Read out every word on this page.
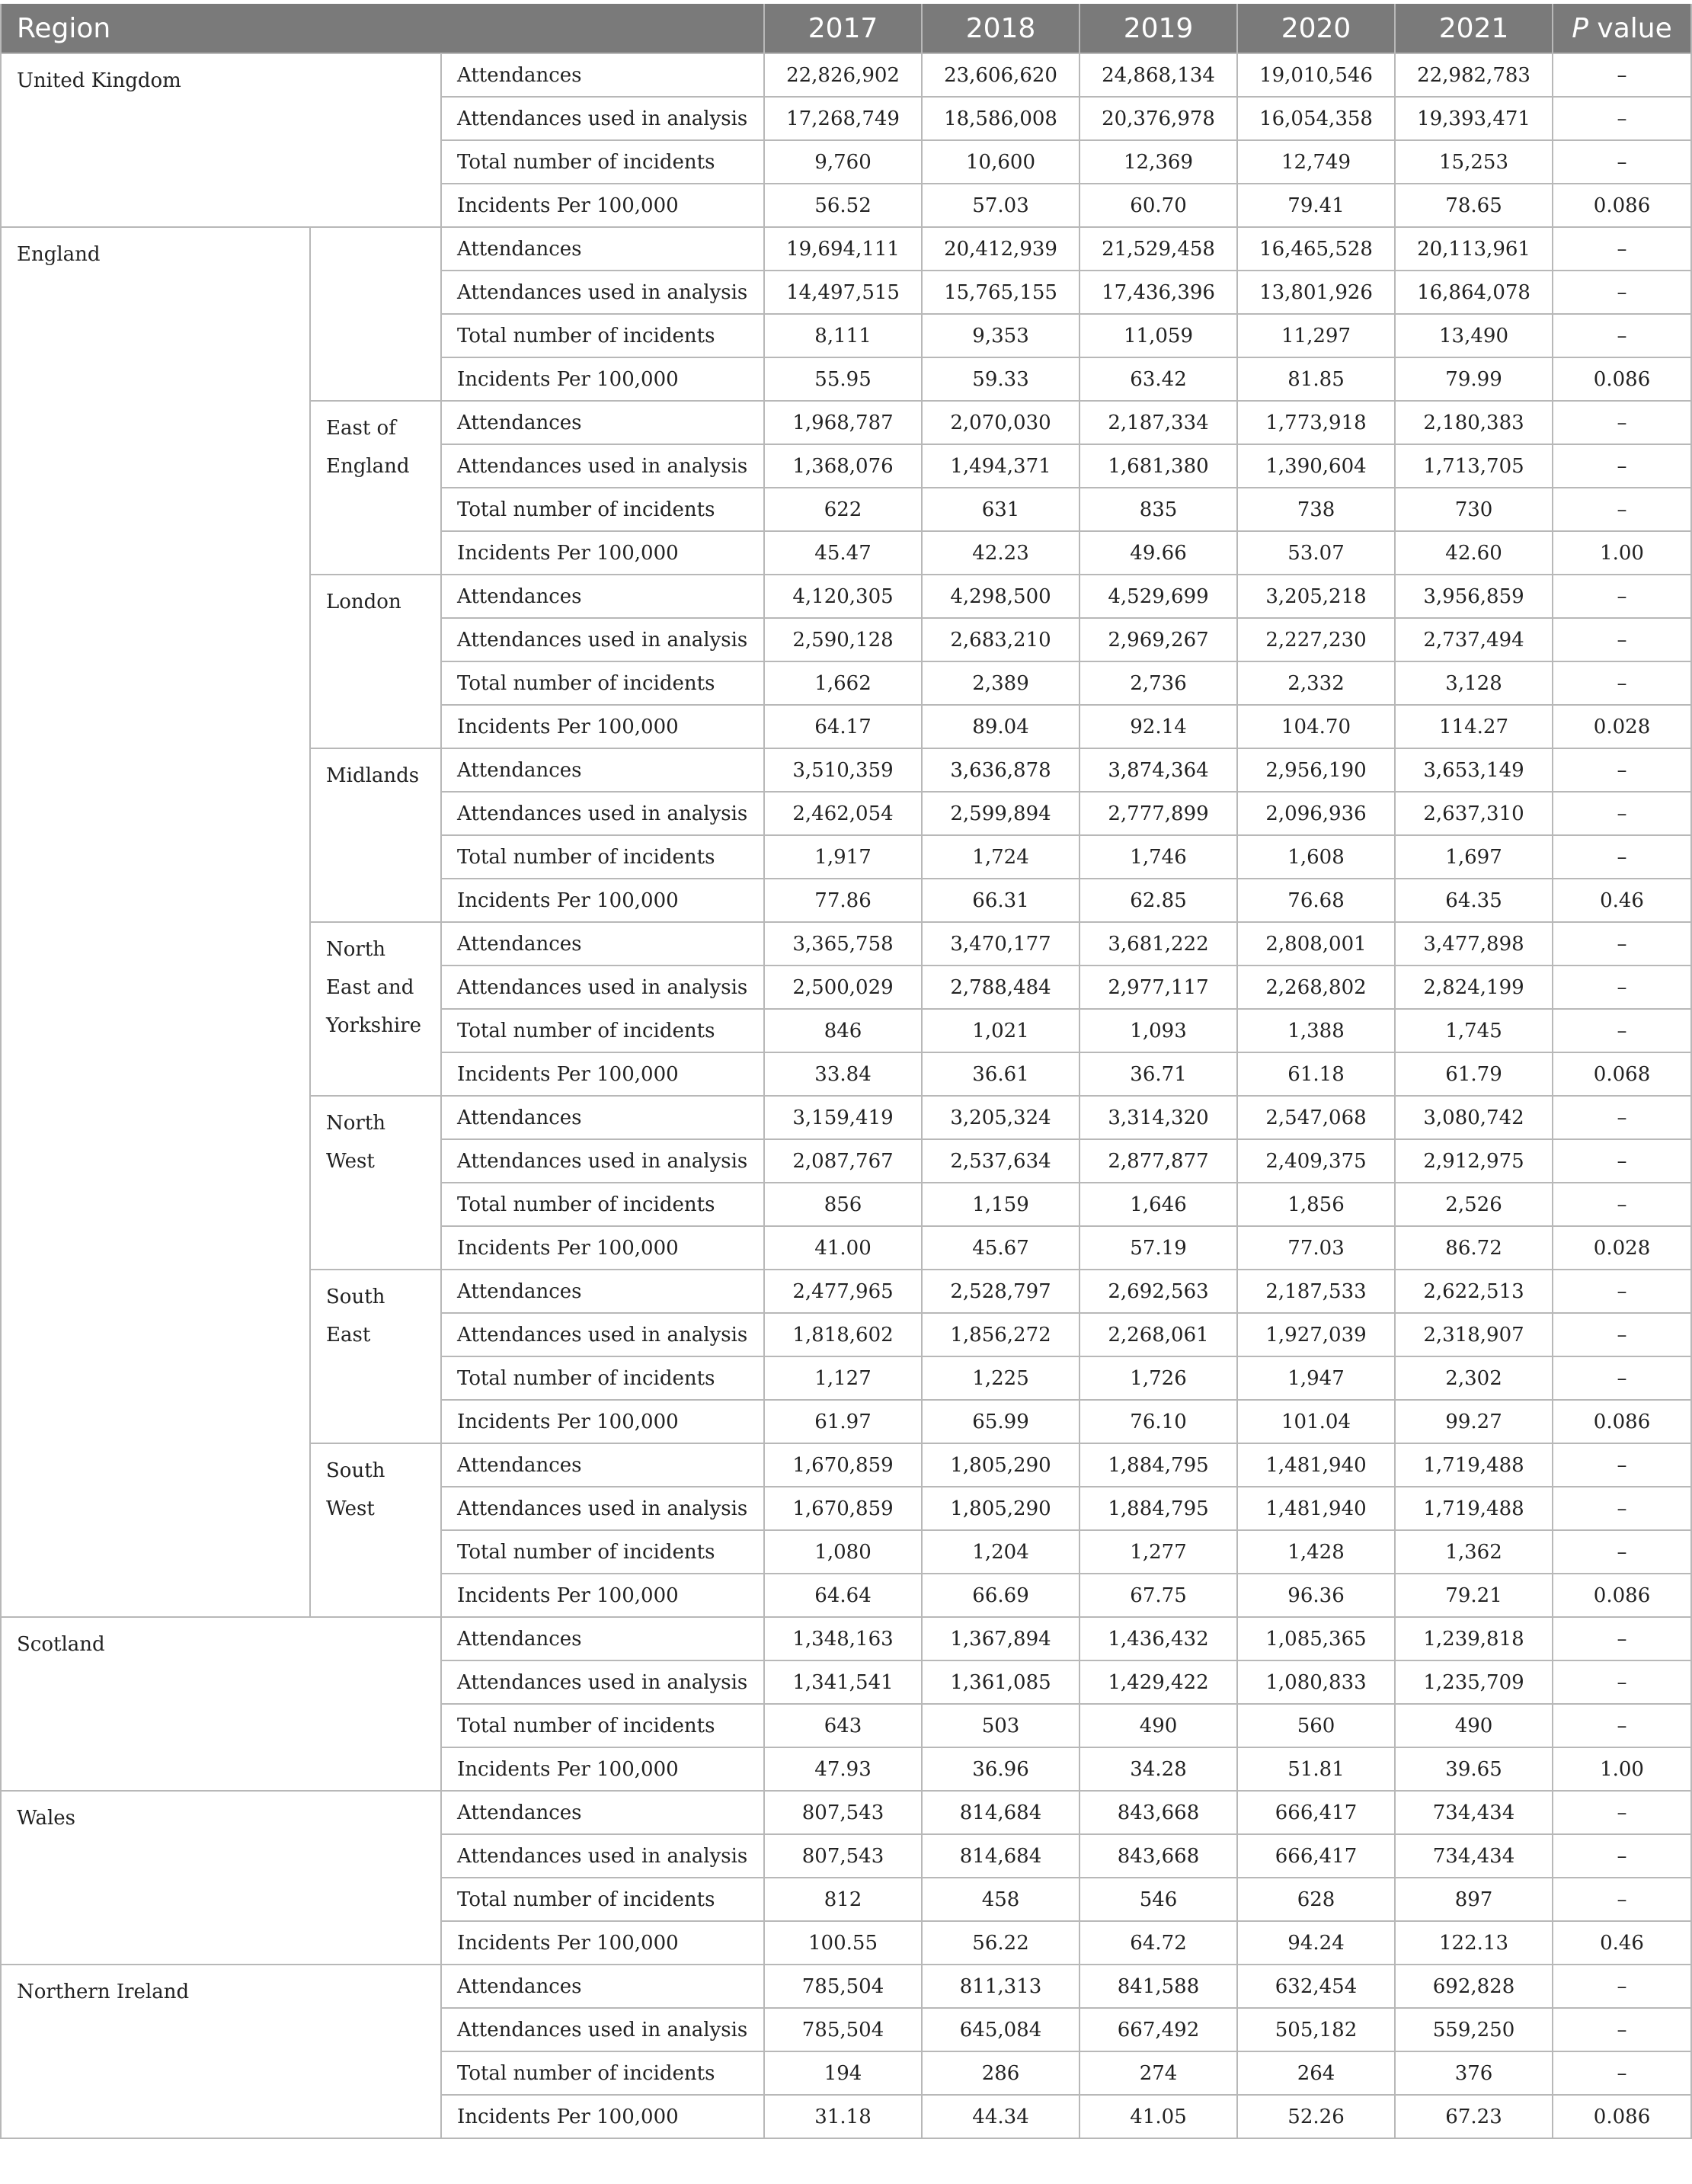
Region			2017	2018	2019	2020	2021	P value
United Kingdom		Attendances	22,826,902	23,606,620	24,868,134	19,010,546	22,982,783	–
		Attendances used in analysis	17,268,749	18,586,008	20,376,978	16,054,358	19,393,471	–
		Total number of incidents	9,760	10,600	12,369	12,749	15,253	–
		Incidents Per 100,000	56.52	57.03	60.70	79.41	78.65	0.086
England		Attendances	19,694,111	20,412,939	21,529,458	16,465,528	20,113,961	–
		Attendances used in analysis	14,497,515	15,765,155	17,436,396	13,801,926	16,864,078	–
		Total number of incidents	8,111	9,353	11,059	11,297	13,490	–
		Incidents Per 100,000	55.95	59.33	63.42	81.85	79.99	0.086
	East of England	Attendances	1,968,787	2,070,030	2,187,334	1,773,918	2,180,383	–
		Attendances used in analysis	1,368,076	1,494,371	1,681,380	1,390,604	1,713,705	–
		Total number of incidents	622	631	835	738	730	–
		Incidents Per 100,000	45.47	42.23	49.66	53.07	42.60	1.00
	London	Attendances	4,120,305	4,298,500	4,529,699	3,205,218	3,956,859	–
		Attendances used in analysis	2,590,128	2,683,210	2,969,267	2,227,230	2,737,494	–
		Total number of incidents	1,662	2,389	2,736	2,332	3,128	–
		Incidents Per 100,000	64.17	89.04	92.14	104.70	114.27	0.028
	Midlands	Attendances	3,510,359	3,636,878	3,874,364	2,956,190	3,653,149	–
		Attendances used in analysis	2,462,054	2,599,894	2,777,899	2,096,936	2,637,310	–
		Total number of incidents	1,917	1,724	1,746	1,608	1,697	–
		Incidents Per 100,000	77.86	66.31	62.85	76.68	64.35	0.46
	North East and Yorkshire	Attendances	3,365,758	3,470,177	3,681,222	2,808,001	3,477,898	–
		Attendances used in analysis	2,500,029	2,788,484	2,977,117	2,268,802	2,824,199	–
		Total number of incidents	846	1,021	1,093	1,388	1,745	–
		Incidents Per 100,000	33.84	36.61	36.71	61.18	61.79	0.068
	North West	Attendances	3,159,419	3,205,324	3,314,320	2,547,068	3,080,742	–
		Attendances used in analysis	2,087,767	2,537,634	2,877,877	2,409,375	2,912,975	–
		Total number of incidents	856	1,159	1,646	1,856	2,526	–
		Incidents Per 100,000	41.00	45.67	57.19	77.03	86.72	0.028
	South East	Attendances	2,477,965	2,528,797	2,692,563	2,187,533	2,622,513	–
		Attendances used in analysis	1,818,602	1,856,272	2,268,061	1,927,039	2,318,907	–
		Total number of incidents	1,127	1,225	1,726	1,947	2,302	–
		Incidents Per 100,000	61.97	65.99	76.10	101.04	99.27	0.086
	South West	Attendances	1,670,859	1,805,290	1,884,795	1,481,940	1,719,488	–
		Attendances used in analysis	1,670,859	1,805,290	1,884,795	1,481,940	1,719,488	–
		Total number of incidents	1,080	1,204	1,277	1,428	1,362	–
		Incidents Per 100,000	64.64	66.69	67.75	96.36	79.21	0.086
Scotland		Attendances	1,348,163	1,367,894	1,436,432	1,085,365	1,239,818	–
		Attendances used in analysis	1,341,541	1,361,085	1,429,422	1,080,833	1,235,709	–
		Total number of incidents	643	503	490	560	490	–
		Incidents Per 100,000	47.93	36.96	34.28	51.81	39.65	1.00
Wales		Attendances	807,543	814,684	843,668	666,417	734,434	–
		Attendances used in analysis	807,543	814,684	843,668	666,417	734,434	–
		Total number of incidents	812	458	546	628	897	–
		Incidents Per 100,000	100.55	56.22	64.72	94.24	122.13	0.46
Northern Ireland		Attendances	785,504	811,313	841,588	632,454	692,828	–
		Attendances used in analysis	785,504	645,084	667,492	505,182	559,250	–
		Total number of incidents	194	286	274	264	376	–
		Incidents Per 100,000	31.18	44.34	41.05	52.26	67.23	0.086
